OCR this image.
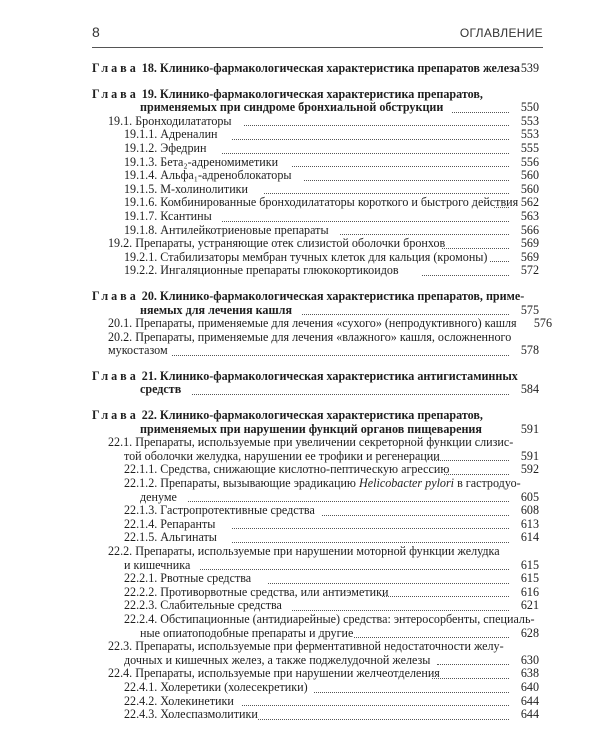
8	ОГЛАВЛЕНИЕ
Глава 18. Клинико-фармакологическая характеристика препаратов железа 539
Глава 19. Клинико-фармакологическая характеристика препаратов,
применяемых при синдроме бронхиальной обструкции	550
19.1. Бронходилататоры	553
19.1.1. Адреналин	553
19.1.2. Эфедрин	555
19.1.3. Бета₂-адреномиметики	556
19.1.4. Альфа₁-адреноблокаторы	560
19.1.5. М-холинолитики	560
19.1.6. Комбинированные бронходилататоры короткого и быстрого действия 562
19.1.7. Ксантины	563
19.1.8. Антилейкотриеновые препараты	566
19.2. Препараты, устраняющие отек слизистой оболочки бронхов	569
19.2.1. Стабилизаторы мембран тучных клеток для кальция (кромоны)	569
19.2.2. Ингаляционные препараты глюкокортикоидов	572
Глава 20. Клинико-фармакологическая характеристика препаратов, приме-
няемых для лечения кашля	575
20.1. Препараты, применяемые для лечения «сухого» (непродуктивного) кашля 576
20.2. Препараты, применяемые для лечения «влажного» кашля, осложненного
мукостазом	578
Глава 21. Клинико-фармакологическая характеристика антигистаминных
средств	584
Глава 22. Клинико-фармакологическая характеристика препаратов,
применяемых при нарушении функций органов пищеварения	591
22.1. Препараты, используемые при увеличении секреторной функции слизис-
той оболочки желудка, нарушении ее трофики и регенерации	591
22.1.1. Средства, снижающие кислотно-пептическую агрессию	592
22.1.2. Препараты, вызывающие эрадикацию Helicobacter pylori в гастродуо-
денуме	605
22.1.3. Гастропротективные средства	608
22.1.4. Репаранты	613
22.1.5. Альгинаты	614
22.2. Препараты, используемые при нарушении моторной функции желудка
и кишечника	615
22.2.1. Рвотные средства	615
22.2.2. Противорвотные средства, или антиэметики	616
22.2.3. Слабительные средства	621
22.2.4. Обстипационные (антидиарейные) средства: энтеросорбенты, специаль-
ные опиатоподобные препараты и другие	628
22.3. Препараты, используемые при ферментативной недостаточности желу-
дочных и кишечных желез, а также поджелудочной железы	630
22.4. Препараты, используемые при нарушении желчеотделения	638
22.4.1. Холеретики (холесекретики)	640
22.4.2. Холекинетики	644
22.4.3. Холеспазмолитики	644
